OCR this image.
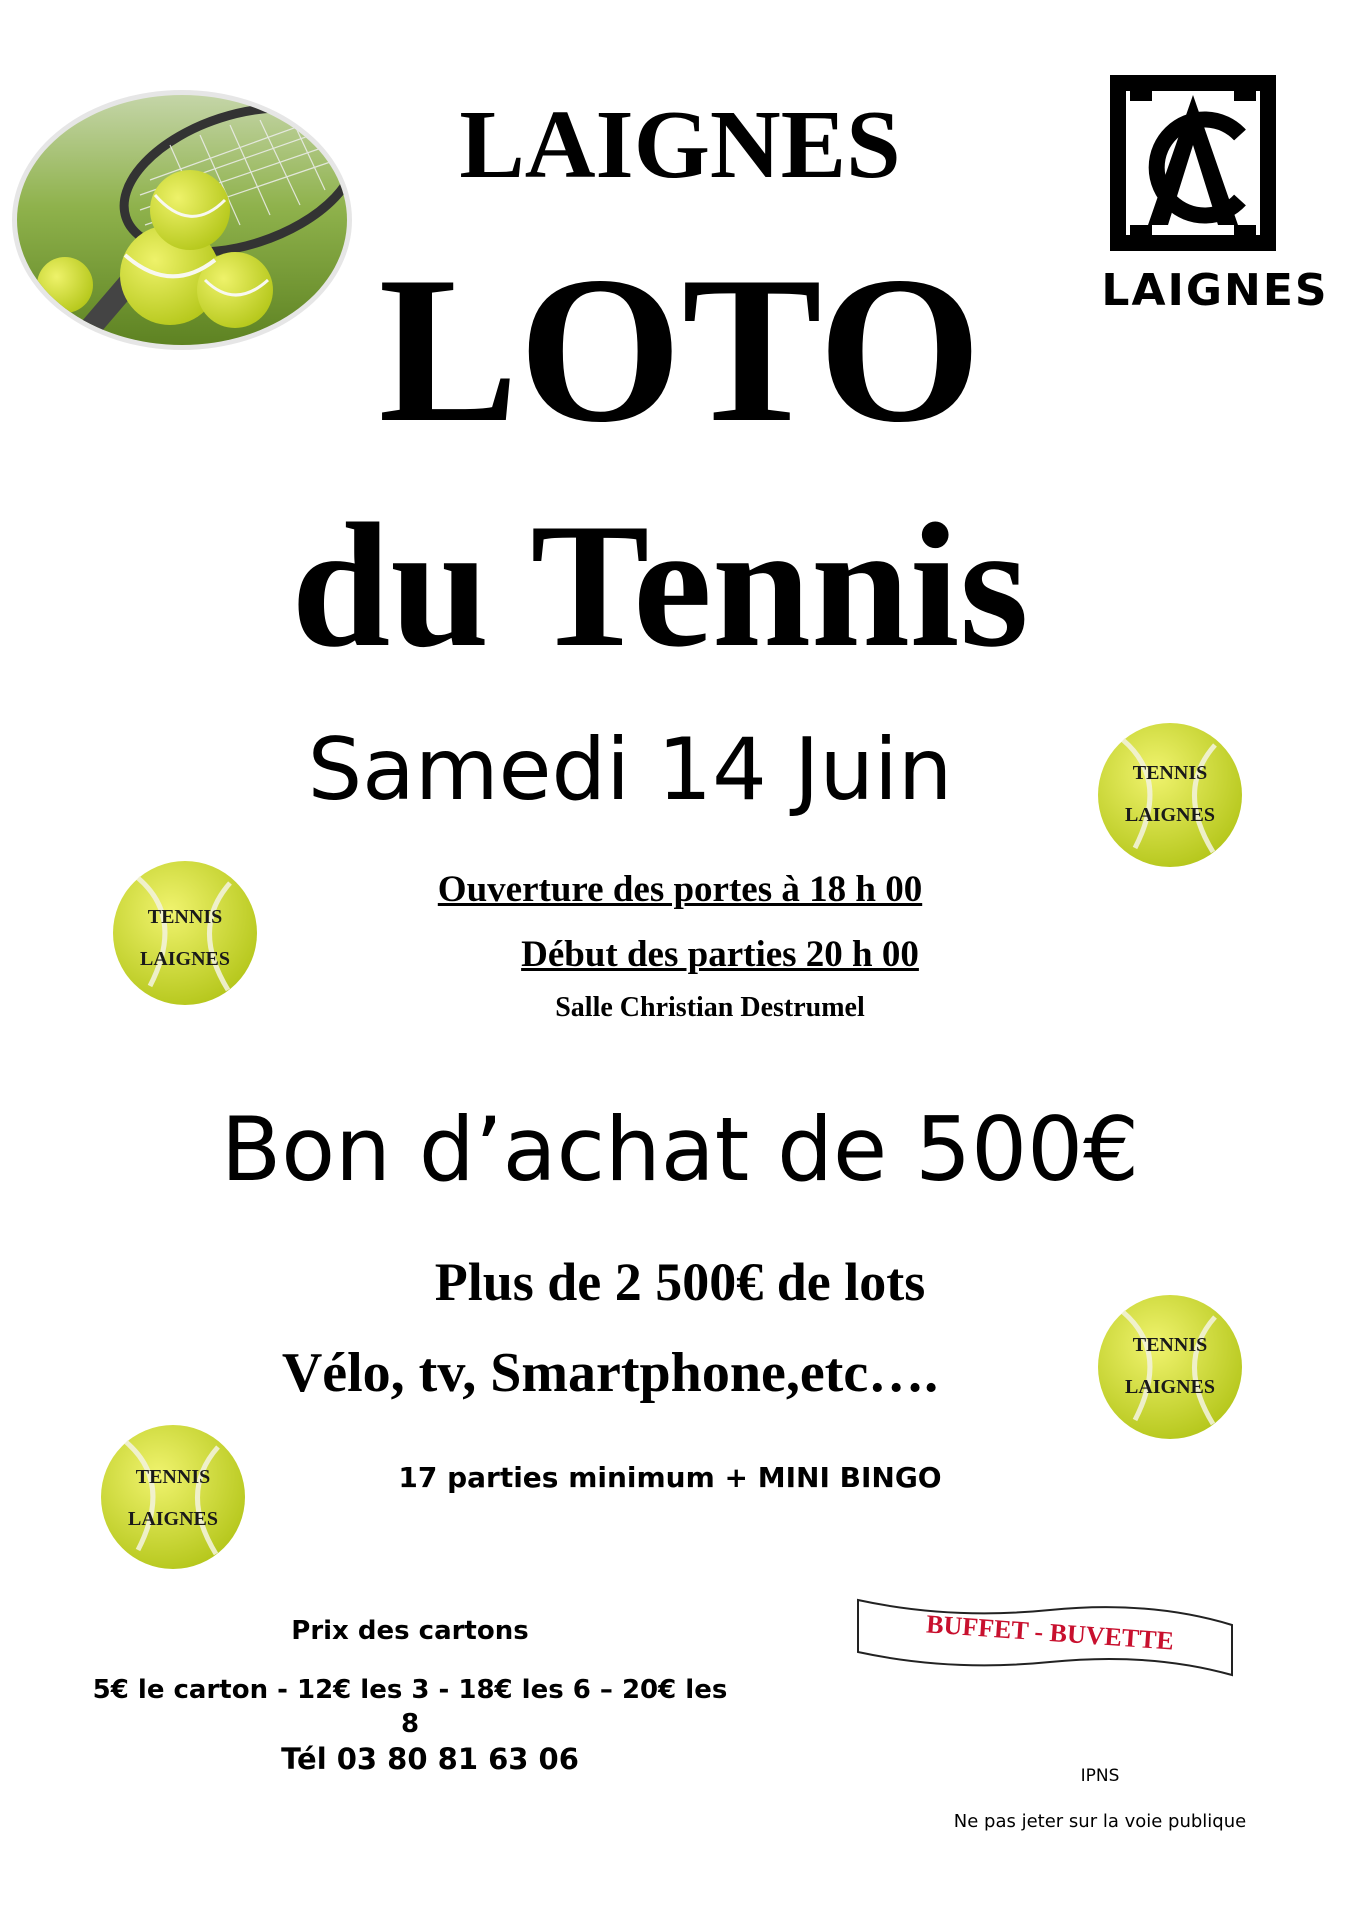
LAIGNES
LAIGNES
LOTO
du Tennis
Samedi 14 Juin
Ouverture des portes à 18 h 00
Début des parties 20 h 00
Salle Christian Destrumel
Bon d’achat de 500€
Plus de 2 500€ de lots
Vélo, tv, Smartphone,etc….
17 parties minimum + MINI BINGO
Prix des cartons
5€ le carton - 12€ les 3 - 18€ les 6 – 20€ les 8
Tél 03 80 81 63 06
BUFFET - BUVETTE
TENNIS
LAIGNES
TENNIS
LAIGNES
TENNIS
LAIGNES
TENNIS
LAIGNES
IPNS
Ne pas jeter sur la voie publique
